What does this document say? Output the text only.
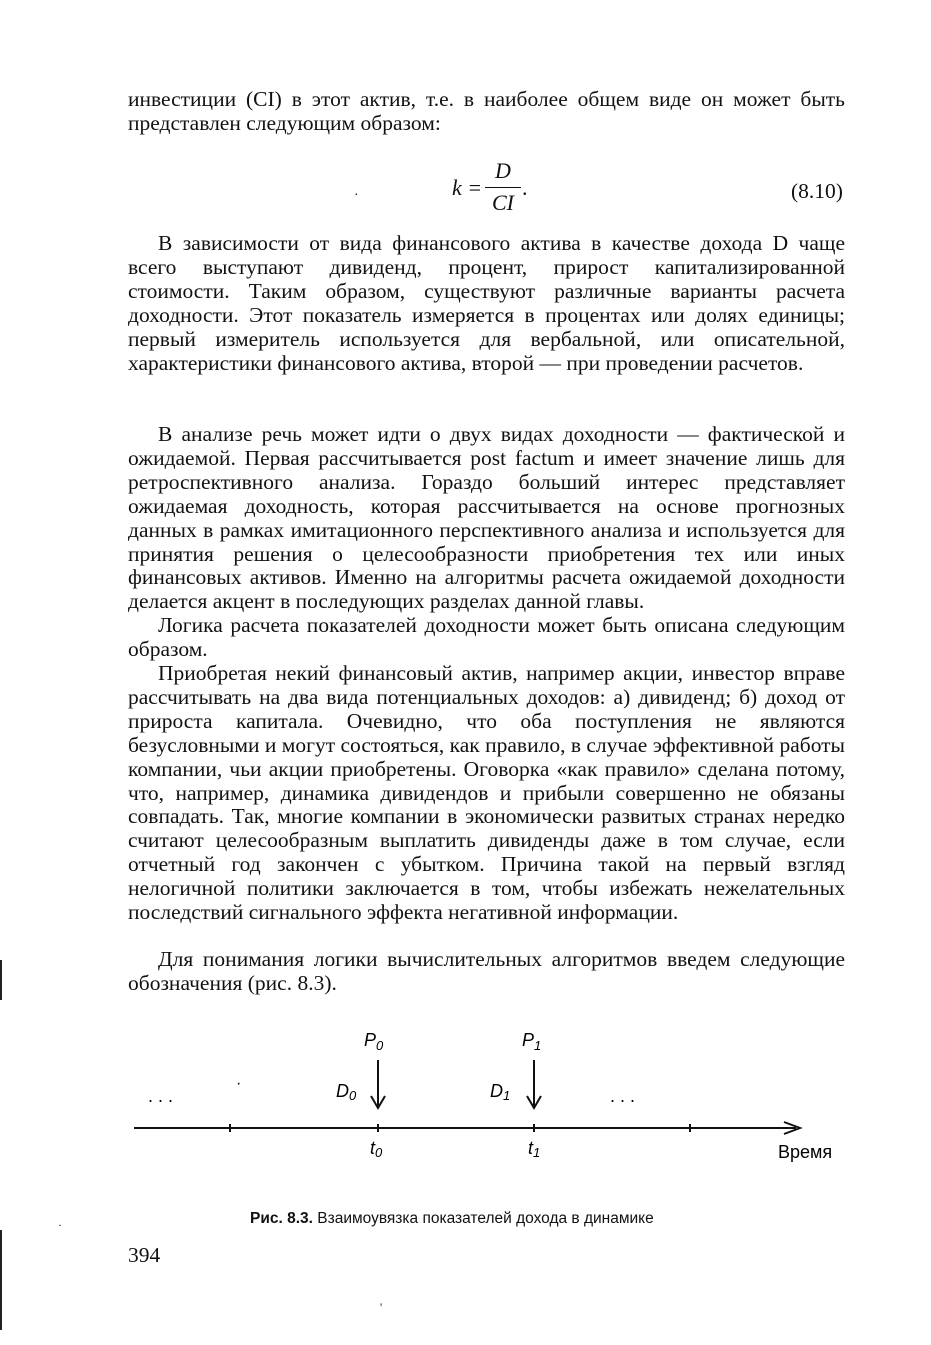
инвестиции (CI) в этот актив, т.е. в наиболее общем виде он может быть представлен следующим образом:

·	k =
D
CI
.	(8.10)

В зависимости от вида финансового актива в качестве дохода D чаще всего выступают дивиденд, процент, прирост капитализированной стоимости. Таким образом, существуют различные варианты расчета доходности. Этот показатель измеряется в процентах или долях единицы; первый измеритель используется для вербальной, или описательной, характеристики финансового актива, второй — при проведении расчетов.

В анализе речь может идти о двух видах доходности — фактической и ожидаемой. Первая рассчитывается post factum и имеет значение лишь для ретроспективного анализа. Гораздо больший интерес представляет ожидаемая доходность, которая рассчитывается на основе прогнозных данных в рамках имитационного перспективного анализа и используется для принятия решения о целесообразности приобретения тех или иных финансовых активов. Именно на алгоритмы расчета ожидаемой доходности делается акцент в последующих разделах данной главы.

Логика расчета показателей доходности может быть описана следующим образом.

Приобретая некий финансовый актив, например акции, инвестор вправе рассчитывать на два вида потенциальных доходов: а) дивиденд; б) доход от прироста капитала. Очевидно, что оба поступления не являются безусловными и могут состояться, как правило, в случае эффективной работы компании, чьи акции приобретены. Оговорка «как правило» сделана потому, что, например, динамика дивидендов и прибыли совершенно не обязаны совпадать. Так, многие компании в экономически развитых странах нередко считают целесообразным выплатить дивиденды даже в том случае, если отчетный год закончен с убытком. Причина такой на первый взгляд нелогичной политики заключается в том, чтобы избежать нежелательных последствий сигнального эффекта негативной информации.

Для понимания логики вычислительных алгоритмов введем следующие обозначения (рис. 8.3).

$P_0$	$P_1$
D0	D1
. . .	. . .
·
t0	t1	Время
Рис. 8.3. Взаимоувязка показателей дохода в динамике
394
·
'
